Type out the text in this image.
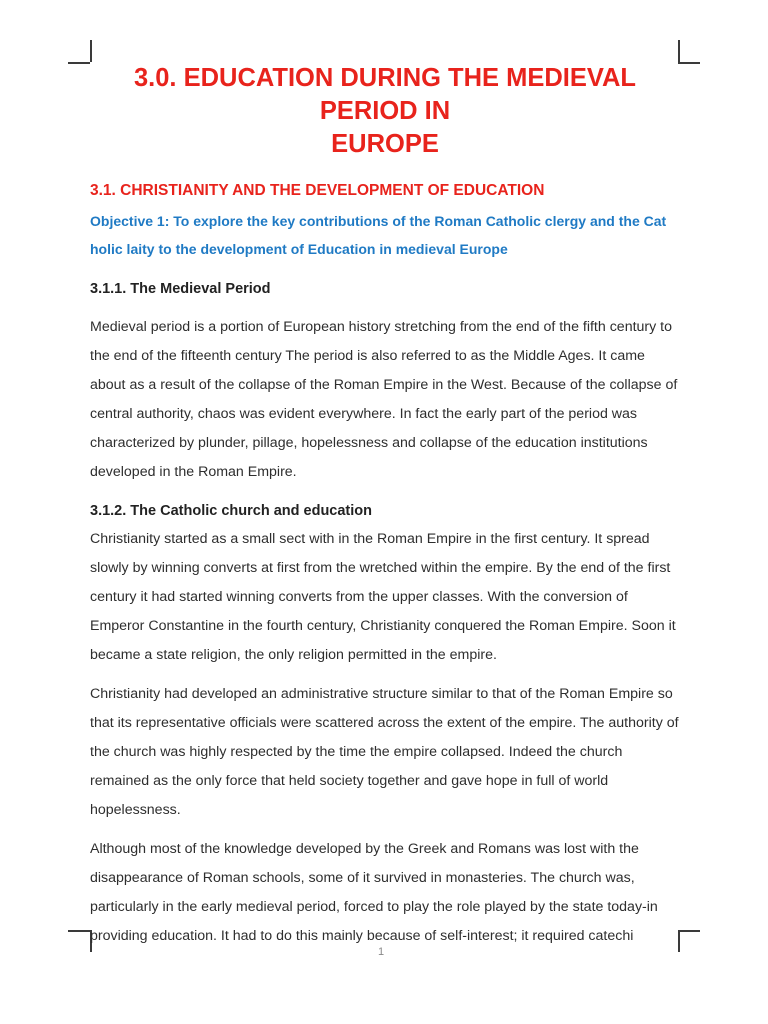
3.0. EDUCATION DURING THE MEDIEVAL PERIOD IN
EUROPE
3.1. CHRISTIANITY AND THE DEVELOPMENT OF EDUCATION

Objective 1: To explore the key contributions of the Roman Catholic clergy and the Cat
holic laity to the development of Education in medieval Europe

3.1.1. The Medieval Period

Medieval period is a portion of European history stretching from the end of the fifth century to the end of the fifteenth century The period is also referred to as the Middle Ages. It came about as a result of the collapse of the Roman Empire in the West. Because of the collapse of central authority, chaos was evident everywhere. In fact the early part of the period was characterized by plunder, pillage, hopelessness and collapse of the education institutions developed in the Roman Empire.

3.1.2. The Catholic church and education

Christianity started as a small sect with in the Roman Empire in the first century. It spread slowly by winning converts at first from the wretched within the empire. By the end of the first century it had started winning converts from the upper classes. With the conversion of Emperor Constantine in the fourth century, Christianity conquered the Roman Empire. Soon it became a state religion, the only religion permitted in the empire.

Christianity had developed an administrative structure similar to that of the Roman Empire so that its representative officials were scattered across the extent of the empire. The authority of the church was highly respected by the time the empire collapsed. Indeed the church remained as the only force that held society together and gave hope in full of world hopelessness.

Although most of the knowledge developed by the Greek and Romans was lost with the disappearance of Roman schools, some of it survived in monasteries. The church was, particularly in the early medieval period, forced to play the role played by the state today-in providing education. It had to do this mainly because of self-interest; it required catechi

1
